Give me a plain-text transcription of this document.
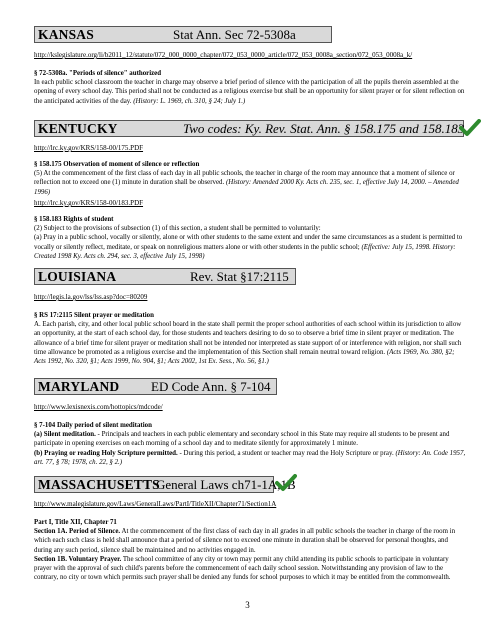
KANSAS	Stat Ann. Sec 72-5308a
http://kslegislature.org/li/b2011_12/statute/072_000_0000_chapter/072_053_0000_article/072_053_0008a_section/072_053_0008a_k/

§ 72-5308a. "Periods of silence" authorized

In each public school classroom the teacher in charge may observe a brief period of silence with the participation of all the pupils therein assembled at the opening of every school day. This period shall not be conducted as a religious exercise but shall be an opportunity for silent prayer or for silent reflection on the anticipated activities of the day. (History: L. 1969, ch. 310, § 24; July 1.)

KENTUCKY	Two codes: Ky. Rev. Stat. Ann. § 158.175 and 158.183
http://lrc.ky.gov/KRS/158-00/175.PDF

§ 158.175 Observation of moment of silence or reflection

(5) At the commencement of the first class of each day in all public schools, the teacher in charge of the room may announce that a moment of silence or reflection not to exceed one (1) minute in duration shall be observed. (History: Amended 2000 Ky. Acts ch. 235, sec. 1, effective July 14, 2000. – Amended 1996)

http://lrc.ky.gov/KRS/158-00/183.PDF

§ 158.183 Rights of student

(2) Subject to the provisions of subsection (1) of this section, a student shall be permitted to voluntarily:

(a) Pray in a public school, vocally or silently, alone or with other students to the same extent and under the same circumstances as a student is permitted to vocally or silently reflect, meditate, or speak on nonreligious matters alone or with other students in the public school; (Effective: July 15, 1998. History: Created 1998 Ky. Acts ch. 294, sec. 3, effective July 15, 1998)

LOUISIANA	Rev. Stat §17:2115
http://legis.la.gov/lss/lss.asp?doc=80209

§ RS 17:2115 Silent prayer or meditation

A. Each parish, city, and other local public school board in the state shall permit the proper school authorities of each school within its jurisdiction to allow an opportunity, at the start of each school day, for those students and teachers desiring to do so to observe a brief time in silent prayer or meditation. The allowance of a brief time for silent prayer or meditation shall not be intended nor interpreted as state support of or interference with religion, nor shall such time allowance be promoted as a religious exercise and the implementation of this Section shall remain neutral toward religion. (Acts 1969, No. 380, §2; Acts 1992, No. 320, §1; Acts 1999, No. 904, §1; Acts 2002, 1st Ex. Sess., No. 56, §1.)

MARYLAND ED Code Ann. § 7-104
http://www.lexisnexis.com/hottopics/mdcode/

§ 7-104 Daily period of silent meditation

(a) Silent meditation. - Principals and teachers in each public elementary and secondary school in this State may require all students to be present and participate in opening exercises on each morning of a school day and to meditate silently for approximately 1 minute.

(b) Praying or reading Holy Scripture permitted. - During this period, a student or teacher may read the Holy Scripture or pray. (History: An. Code 1957, art. 77, § 78; 1978, ch. 22, § 2.)

MASSACHUSETTS
General Laws ch71-1A,1B
http://www.malegislature.gov/Laws/GeneralLaws/PartI/TitleXII/Chapter71/Section1A

Part I, Title XII, Chapter 71

Section 1A. Period of Silence. At the commencement of the first class of each day in all grades in all public schools the teacher in charge of the room in which each such class is held shall announce that a period of silence not to exceed one minute in duration shall be observed for personal thoughts, and during any such period, silence shall be maintained and no activities engaged in.

Section 1B. Voluntary Prayer. The school committee of any city or town may permit any child attending its public schools to participate in voluntary prayer with the approval of such child's parents before the commencement of each daily school session. Notwithstanding any provision of law to the contrary, no city or town which permits such prayer shall be denied any funds for school purposes to which it may be entitled from the commonwealth.

3
